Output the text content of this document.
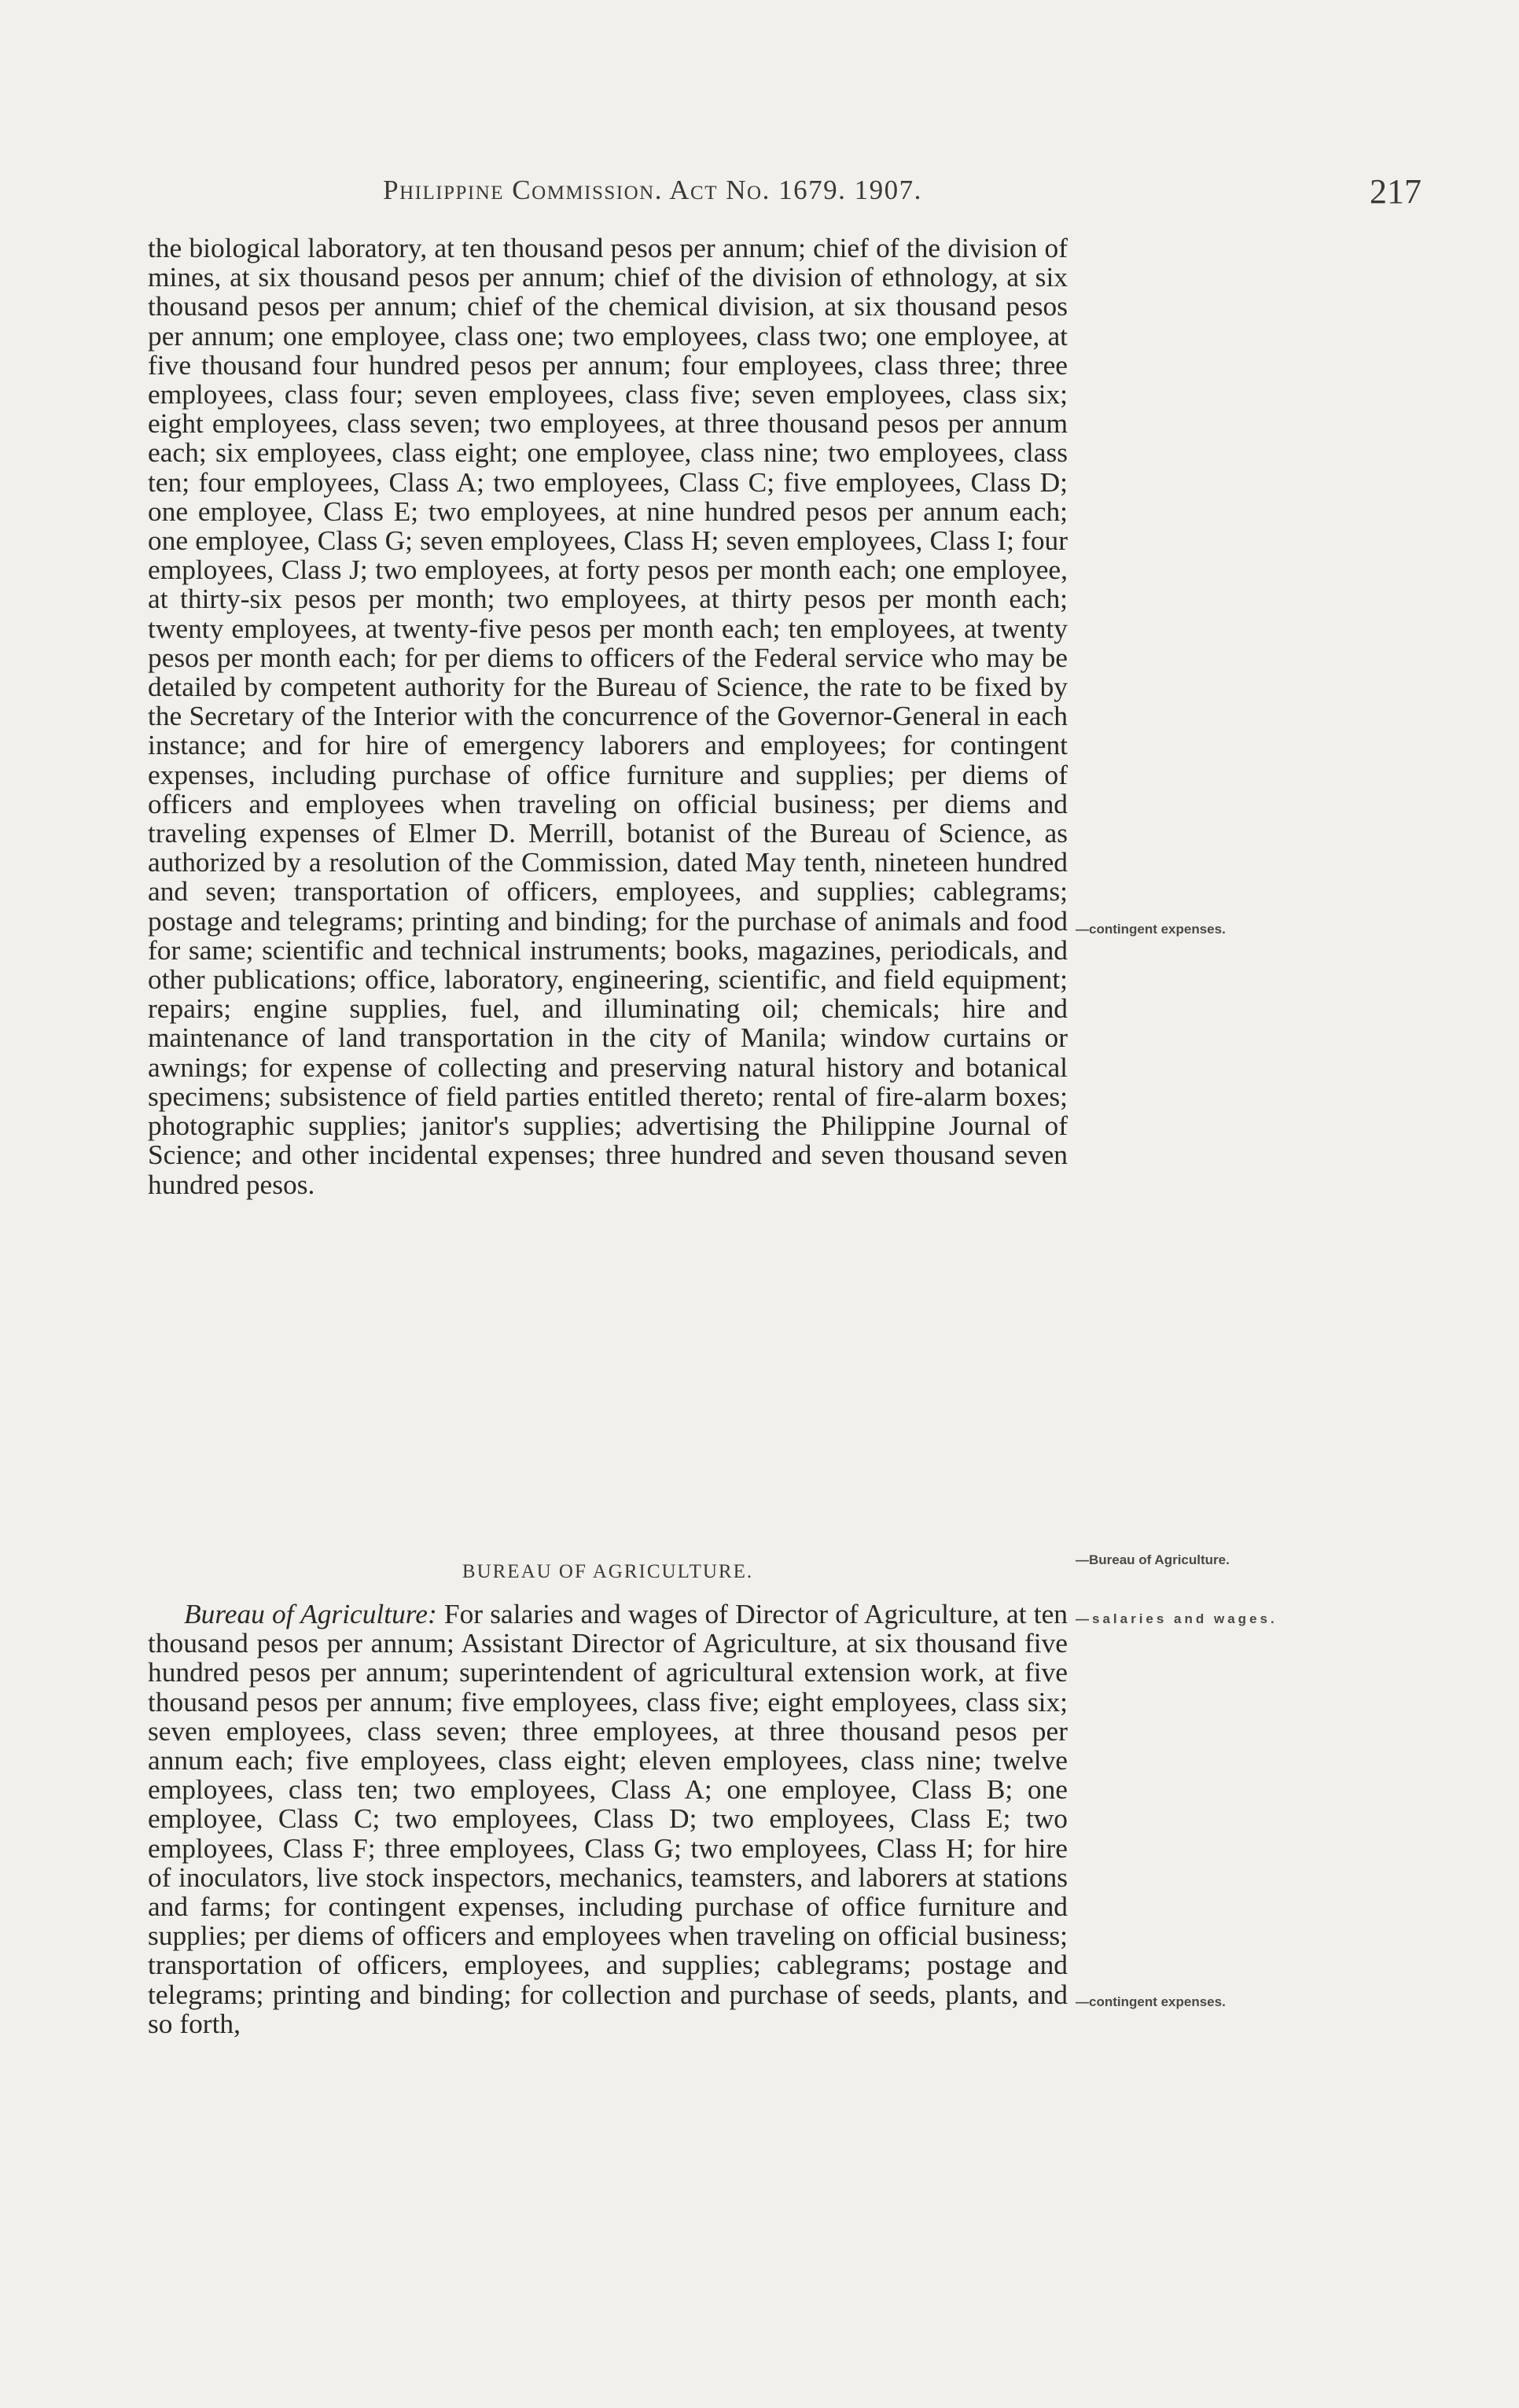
Philippine Commission. Act No. 1679. 1907.	217

the biological laboratory, at ten thousand pesos per annum; chief of the division of mines, at six thousand pesos per annum; chief of the division of ethnology, at six thousand pesos per annum; chief of the chemical division, at six thousand pesos per annum; one employee, class one; two employees, class two; one employee, at five thousand four hundred pesos per annum; four employees, class three; three employees, class four; seven employees, class five; seven employees, class six; eight employees, class seven; two employees, at three thousand pesos per annum each; six employees, class eight; one employee, class nine; two employees, class ten; four employees, Class A; two employees, Class C; five employees, Class D; one employee, Class E; two employees, at nine hundred pesos per annum each; one employee, Class G; seven employees, Class H; seven employees, Class I; four employees, Class J; two employees, at forty pesos per month each; one employee, at thirty-six pesos per month; two employees, at thirty pesos per month each; twenty employees, at twenty-five pesos per month each; ten employees, at twenty pesos per month each; for per diems to officers of the Federal service who may be detailed by competent authority for the Bureau of Science, the rate to be fixed by the Secretary of the Interior with the concurrence of the Governor-General in each instance; and for hire of emergency laborers and employees; for contingent expenses, including purchase of office furniture and supplies; per diems of officers and employees when traveling on official business; per diems and traveling expenses of Elmer D. Merrill, botanist of the Bureau of Science, as authorized by a resolution of the Commission, dated May tenth, nineteen hundred and seven; transportation of officers, employees, and supplies; cablegrams; postage and telegrams; printing and binding; for the purchase of animals and food for same; scientific and technical instruments; books, magazines, periodicals, and other publications; office, laboratory, engineering, scientific, and field equipment; repairs; engine supplies, fuel, and illuminating oil; chemicals; hire and maintenance of land transportation in the city of Manila; window curtains or awnings; for expense of collecting and preserving natural history and botanical specimens; subsistence of field parties entitled thereto; rental of fire-alarm boxes; photographic supplies; janitor's supplies; advertising the Philippine Journal of Science; and other incidental expenses; three hundred and seven thousand seven hundred pesos.

BUREAU OF AGRICULTURE.

Bureau of Agriculture: For salaries and wages of Director of Agriculture, at ten thousand pesos per annum; Assistant Director of Agriculture, at six thousand five hundred pesos per annum; superintendent of agricultural extension work, at five thousand pesos per annum; five employees, class five; eight employees, class six; seven employees, class seven; three employees, at three thousand pesos per annum each; five employees, class eight; eleven employees, class nine; twelve employees, class ten; two employees, Class A; one employee, Class B; one employee, Class C; two employees, Class D; two employees, Class E; two employees, Class F; three employees, Class G; two employees, Class H; for hire of inoculators, live stock inspectors, mechanics, teamsters, and laborers at stations and farms; for contingent expenses, including purchase of office furniture and supplies; per diems of officers and employees when traveling on official business; transportation of officers, employees, and supplies; cablegrams; postage and telegrams; printing and binding; for collection and purchase of seeds, plants, and so forth,

—contingent expenses.
—Bureau of Agriculture.
—salaries and wages.
—contingent expenses.
